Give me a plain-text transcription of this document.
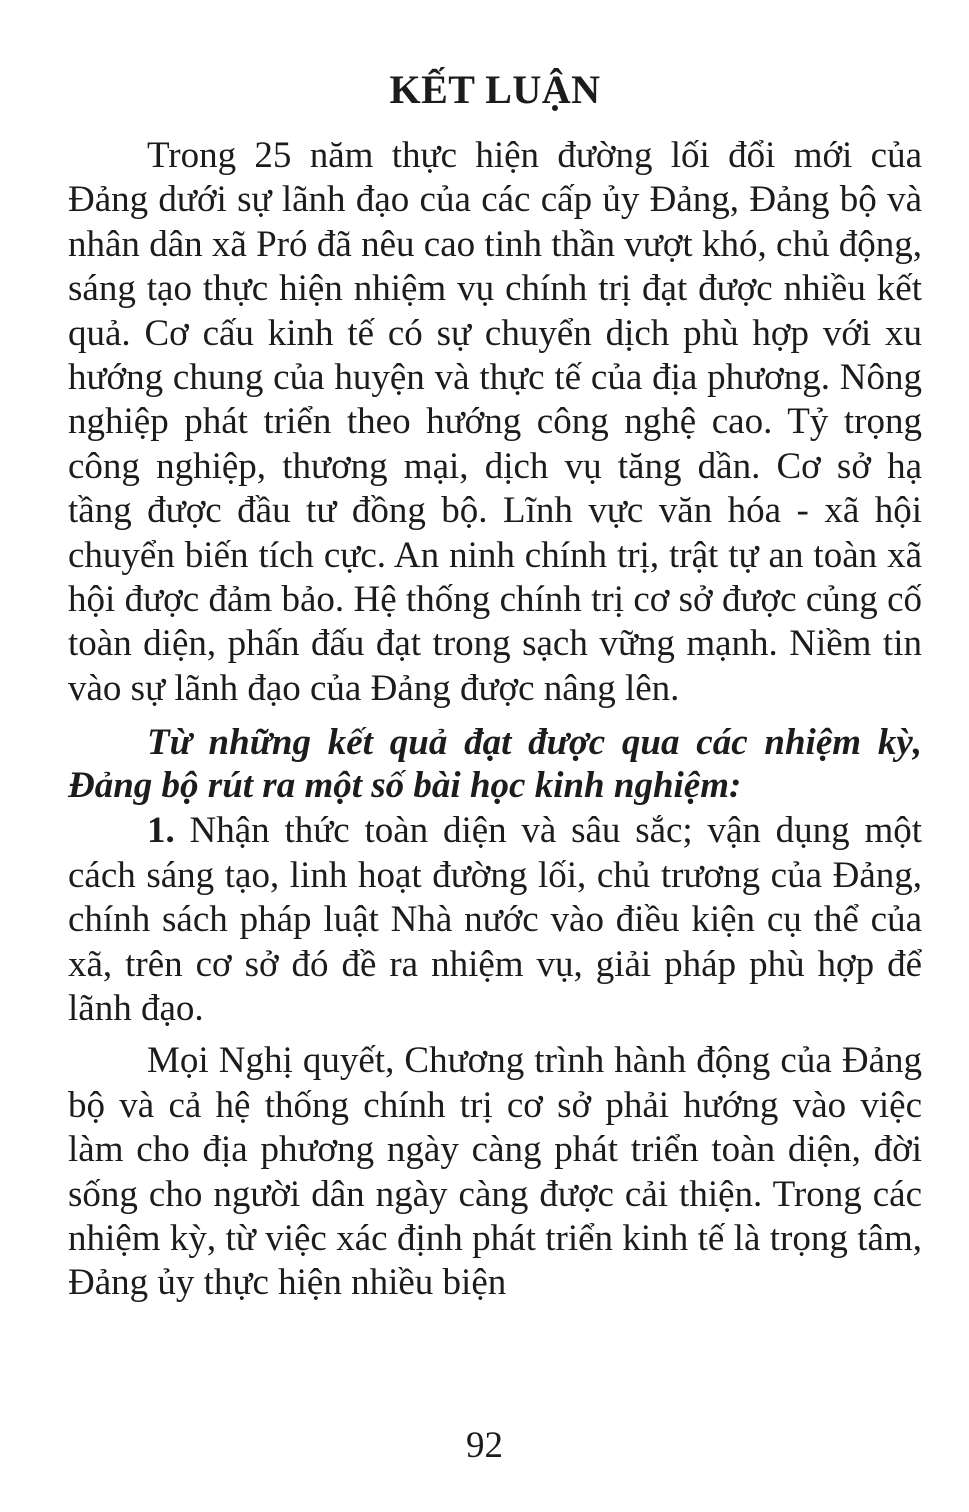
KẾT LUẬN

Trong 25 năm thực hiện đường lối đổi mới của Đảng dưới sự lãnh đạo của các cấp ủy Đảng, Đảng bộ và nhân dân xã Pró đã nêu cao tinh thần vượt khó, chủ động, sáng tạo thực hiện nhiệm vụ chính trị đạt được nhiều kết quả. Cơ cấu kinh tế có sự chuyển dịch phù hợp với xu hướng chung của huyện và thực tế của địa phương. Nông nghiệp phát triển theo hướng công nghệ cao. Tỷ trọng công nghiệp, thương mại, dịch vụ tăng dần. Cơ sở hạ tầng được đầu tư đồng bộ. Lĩnh vực văn hóa - xã hội chuyển biến tích cực. An ninh chính trị, trật tự an toàn xã hội được đảm bảo. Hệ thống chính trị cơ sở được củng cố toàn diện, phấn đấu đạt trong sạch vững mạnh. Niềm tin vào sự lãnh đạo của Đảng được nâng lên.

Từ những kết quả đạt được qua các nhiệm kỳ, Đảng bộ rút ra một số bài học kinh nghiệm:

1. Nhận thức toàn diện và sâu sắc; vận dụng một cách sáng tạo, linh hoạt đường lối, chủ trương của Đảng, chính sách pháp luật Nhà nước vào điều kiện cụ thể của xã, trên cơ sở đó đề ra nhiệm vụ, giải pháp phù hợp để lãnh đạo.

Mọi Nghị quyết, Chương trình hành động của Đảng bộ và cả hệ thống chính trị cơ sở phải hướng vào việc làm cho địa phương ngày càng phát triển toàn diện, đời sống cho người dân ngày càng được cải thiện. Trong các nhiệm kỳ, từ việc xác định phát triển kinh tế là trọng tâm, Đảng ủy thực hiện nhiều biện

92
